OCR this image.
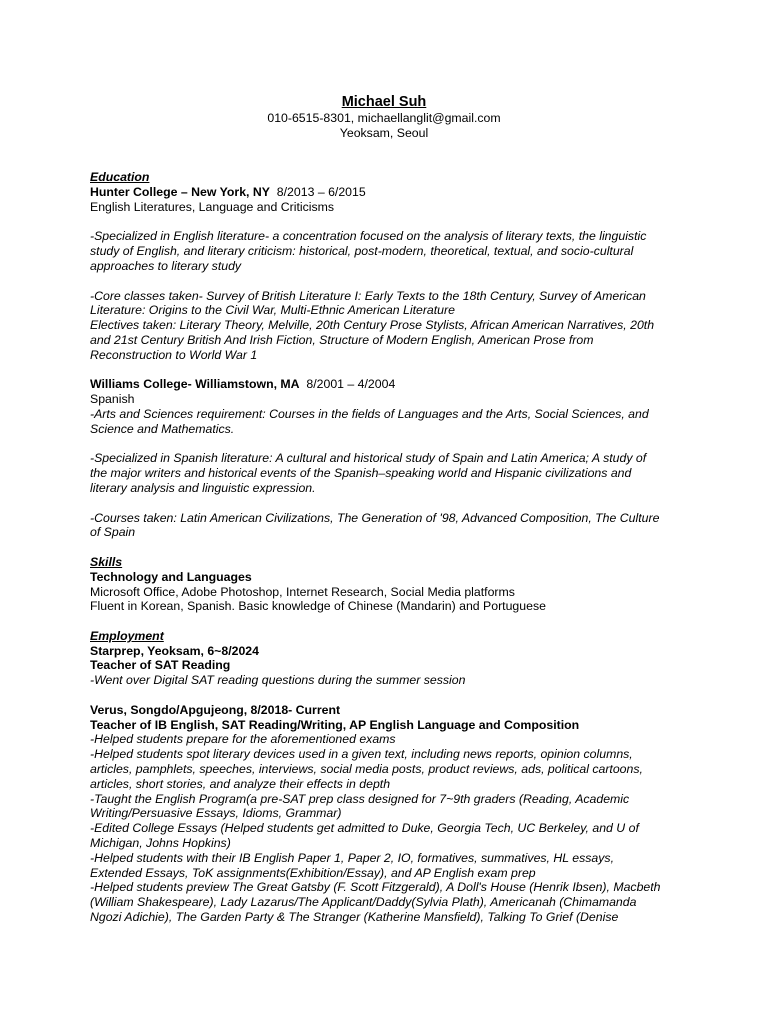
Michael Suh
010-6515-8301, michaellanglit@gmail.com
Yeoksam, Seoul
Education
Hunter College – New York, NY 8/2013 – 6/2015
English Literatures, Language and Criticisms
-Specialized in English literature- a concentration focused on the analysis of literary texts, the linguistic
study of English, and literary criticism: historical, post-modern, theoretical, textual, and socio-cultural
approaches to literary study
-Core classes taken- Survey of British Literature I: Early Texts to the 18th Century, Survey of American
Literature: Origins to the Civil War, Multi-Ethnic American Literature
Electives taken: Literary Theory, Melville, 20th Century Prose Stylists, African American Narratives, 20th
and 21st Century British And Irish Fiction, Structure of Modern English, American Prose from
Reconstruction to World War 1
Williams College- Williamstown, MA 8/2001 – 4/2004
Spanish
-Arts and Sciences requirement: Courses in the fields of Languages and the Arts, Social Sciences, and
Science and Mathematics.
-Specialized in Spanish literature: A cultural and historical study of Spain and Latin America; A study of
the major writers and historical events of the Spanish–speaking world and Hispanic civilizations and
literary analysis and linguistic expression.
-Courses taken: Latin American Civilizations, The Generation of '98, Advanced Composition, The Culture
of Spain
Skills
Technology and Languages
Microsoft Office, Adobe Photoshop, Internet Research, Social Media platforms
Fluent in Korean, Spanish. Basic knowledge of Chinese (Mandarin) and Portuguese
Employment
Starprep, Yeoksam, 6~8/2024
Teacher of SAT Reading
-Went over Digital SAT reading questions during the summer session
Verus, Songdo/Apgujeong, 8/2018- Current
Teacher of IB English, SAT Reading/Writing, AP English Language and Composition
-Helped students prepare for the aforementioned exams
-Helped students spot literary devices used in a given text, including news reports, opinion columns,
articles, pamphlets, speeches, interviews, social media posts, product reviews, ads, political cartoons,
articles, short stories, and analyze their effects in depth
-Taught the English Program(a pre-SAT prep class designed for 7~9th graders (Reading, Academic
Writing/Persuasive Essays, Idioms, Grammar)
-Edited College Essays (Helped students get admitted to Duke, Georgia Tech, UC Berkeley, and U of
Michigan, Johns Hopkins)
-Helped students with their IB English Paper 1, Paper 2, IO, formatives, summatives, HL essays,
Extended Essays, ToK assignments(Exhibition/Essay), and AP English exam prep
-Helped students preview The Great Gatsby (F. Scott Fitzgerald), A Doll's House (Henrik Ibsen), Macbeth
(William Shakespeare), Lady Lazarus/The Applicant/Daddy(Sylvia Plath), Americanah (Chimamanda
Ngozi Adichie), The Garden Party & The Stranger (Katherine Mansfield), Talking To Grief (Denise
